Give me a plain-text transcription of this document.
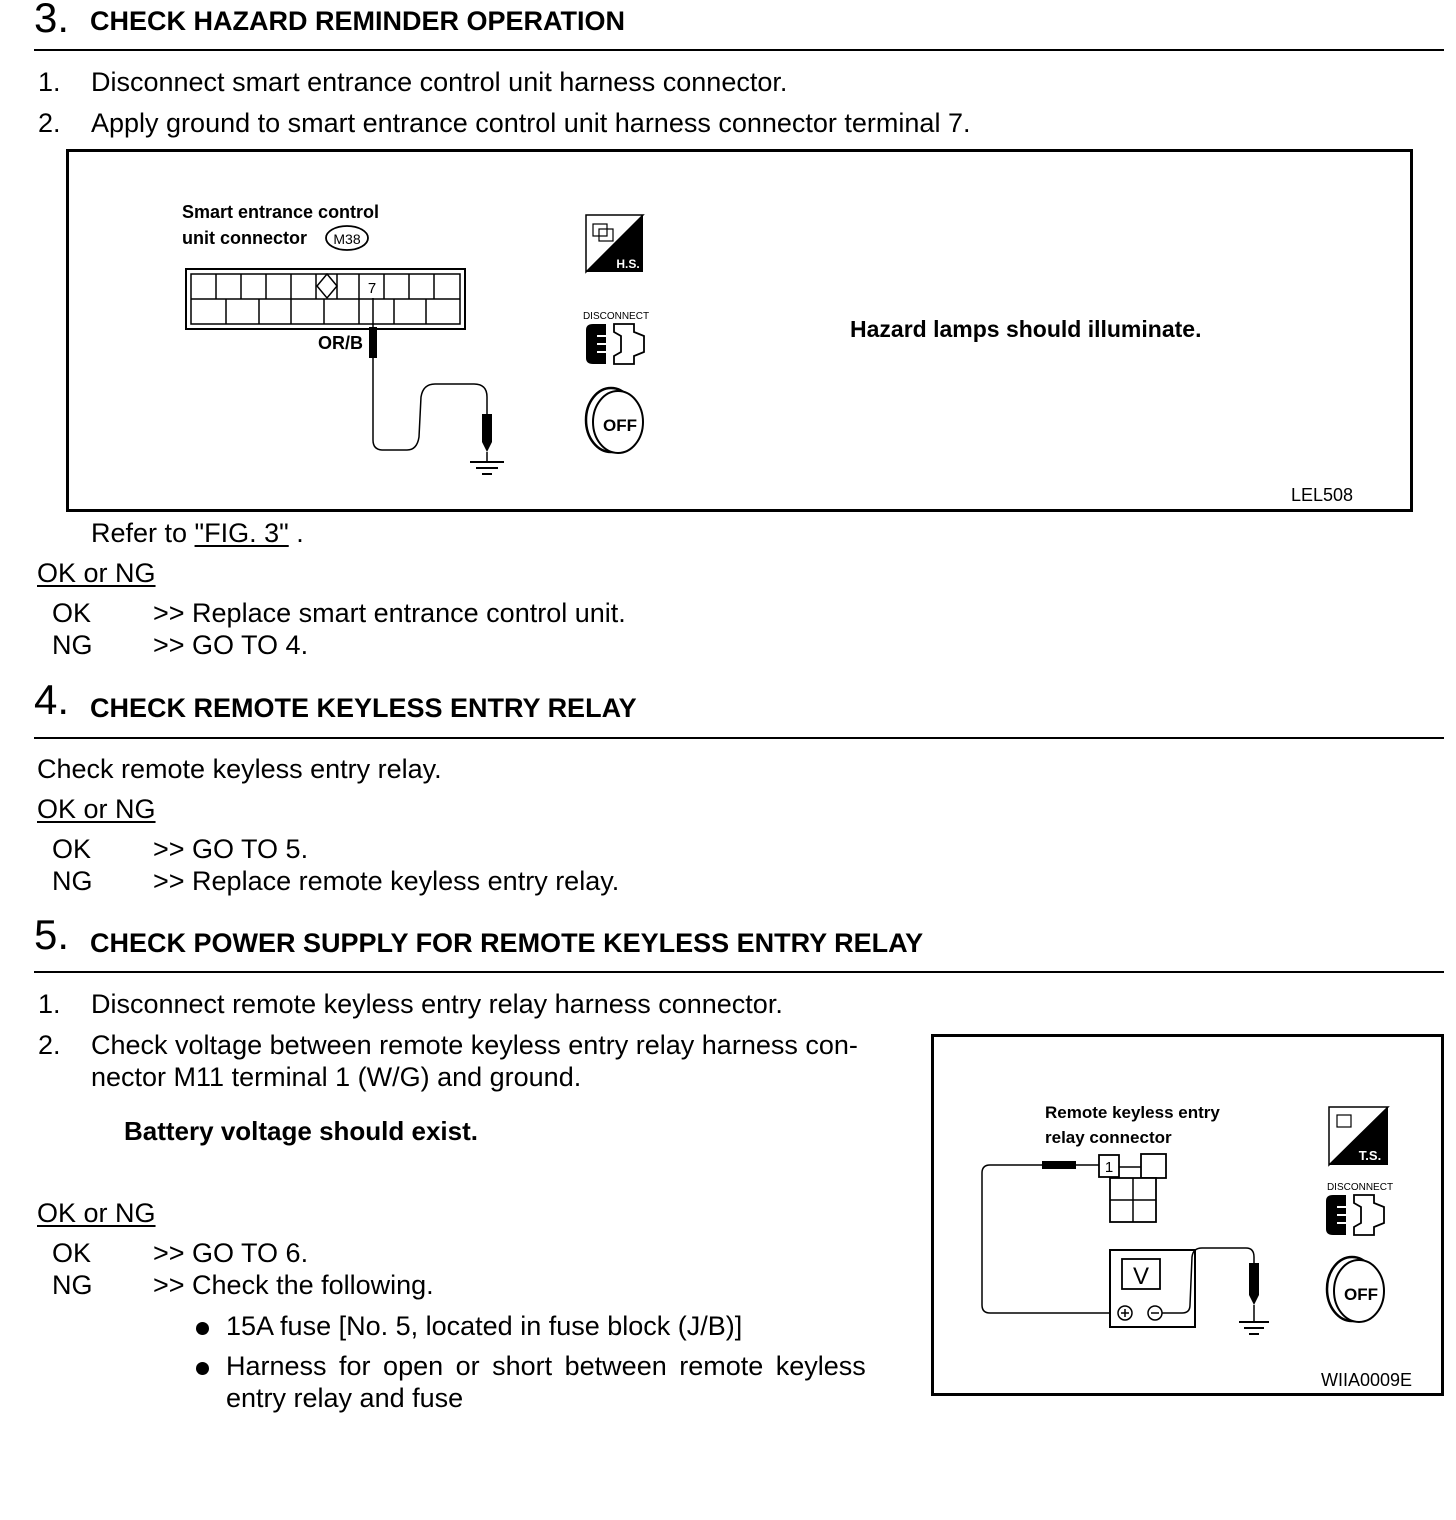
3. CHECK HAZARD REMINDER OPERATION
1. Disconnect smart entrance control unit harness connector.
2. Apply ground to smart entrance control unit harness connector terminal 7.
Smart entrance control
unit connector M38
7
H.S.
DISCONNECT
OFF
OR/B
Hazard lamps should illuminate.
LEL508
Refer to "FIG. 3" .
OK or NG
OK >> Replace smart entrance control unit.
NG >> GO TO 4.
4. CHECK REMOTE KEYLESS ENTRY RELAY
Check remote keyless entry relay.
OK or NG
OK >> GO TO 5.
NG >> Replace remote keyless entry relay.
5. CHECK POWER SUPPLY FOR REMOTE KEYLESS ENTRY RELAY
1. Disconnect remote keyless entry relay harness connector.
2. Check voltage between remote keyless entry relay harness con-
nector M11 terminal 1 (W/G) and ground.
Battery voltage should exist.
OK or NG
OK >> GO TO 6.
NG >> Check the following.
15A fuse [No. 5, located in fuse block (J/B)]
Harness for open or short between remote keyless
entry relay and fuse
Remote keyless entry
relay connector
1
V
T.S.
DISCONNECT
OFF
WIIA0009E
